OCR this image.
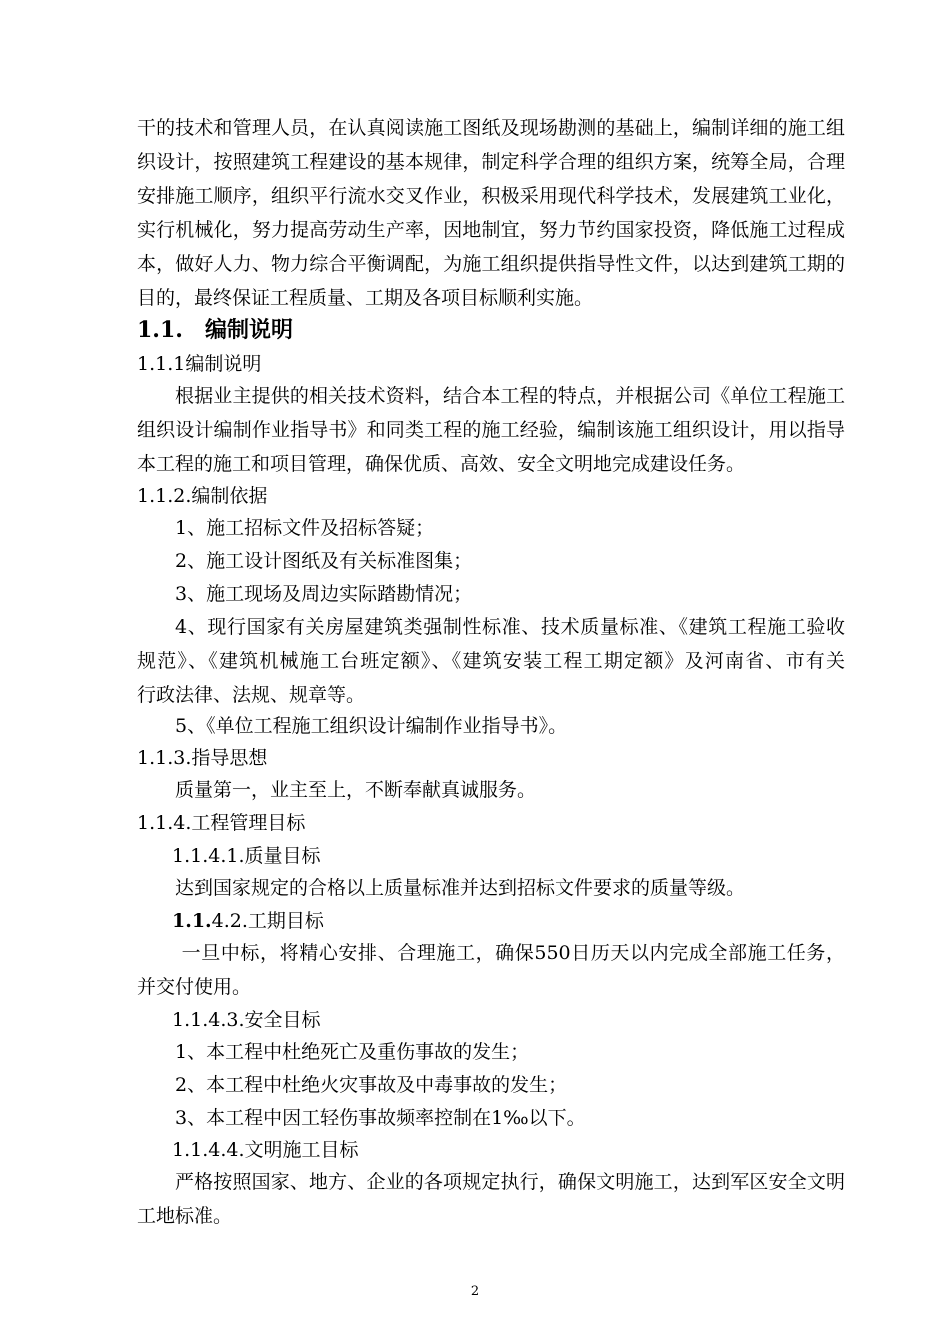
干的技术和管理人员，在认真阅读施工图纸及现场勘测的基础上，编制详细的施工组
织设计，按照建筑工程建设的基本规律，制定科学合理的组织方案，统筹全局，合理
安排施工顺序，组织平行流水交叉作业，积极采用现代科学技术，发展建筑工业化，
实行机械化，努力提高劳动生产率，因地制宜，努力节约国家投资，降低施工过程成
本，做好人力、物力综合平衡调配，为施工组织提供指导性文件，以达到建筑工期的
目的，最终保证工程质量、工期及各项目标顺利实施。
1.1. 编制说明
1.1.1编制说明
根据业主提供的相关技术资料，结合本工程的特点，并根据公司《单位工程施工
组织设计编制作业指导书》和同类工程的施工经验，编制该施工组织设计，用以指导
本工程的施工和项目管理，确保优质、高效、安全文明地完成建设任务。
1.1.2.编制依据
1、施工招标文件及招标答疑；
2、施工设计图纸及有关标准图集；
3、施工现场及周边实际踏勘情况；
4、现行国家有关房屋建筑类强制性标准、技术质量标准、《建筑工程施工验收
规范》、《建筑机械施工台班定额》、《建筑安装工程工期定额》及河南省、市有关
行政法律、法规、规章等。
5、《单位工程施工组织设计编制作业指导书》。
1.1.3.指导思想
质量第一，业主至上，不断奉献真诚服务。
1.1.4.工程管理目标
1.1.4.1.质量目标
达到国家规定的合格以上质量标准并达到招标文件要求的质量等级。
1.1.4.2.工期目标
一旦中标，将精心安排、合理施工，确保550日历天以内完成全部施工任务，
并交付使用。
1.1.4.3.安全目标
1、本工程中杜绝死亡及重伤事故的发生；
2、本工程中杜绝火灾事故及中毒事故的发生；
3、本工程中因工轻伤事故频率控制在1‰以下。
1.1.4.4.文明施工目标
严格按照国家、地方、企业的各项规定执行，确保文明施工，达到军区安全文明
工地标准。
2
